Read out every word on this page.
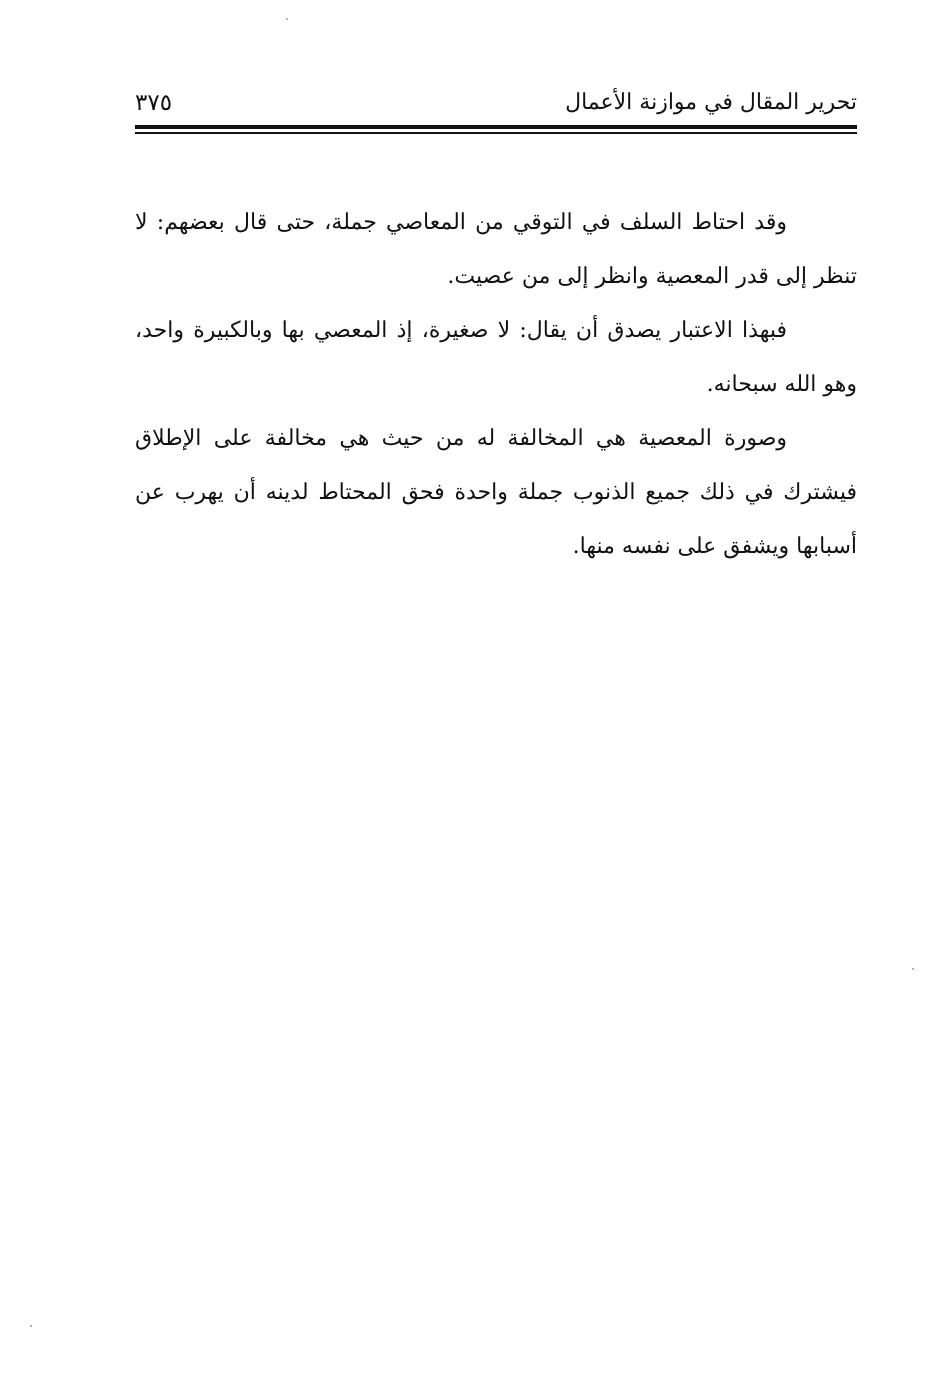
تحرير المقال في موازنة الأعمال
٣٧٥

وقد احتاط السلف في التوقي من المعاصي جملة، حتى قال بعضهم: لا تنظر إلى قدر المعصية وانظر إلى من عصيت.

فبهذا الاعتبار يصدق أن يقال: لا صغيرة، إذ المعصي بها وبالكبيرة واحد، وهو الله سبحانه.

وصورة المعصية هي المخالفة له من حيث هي مخالفة على الإطلاق فيشترك في ذلك جميع الذنوب جملة واحدة فحق المحتاط لدينه أن يهرب عن أسبابها ويشفق على نفسه منها.
